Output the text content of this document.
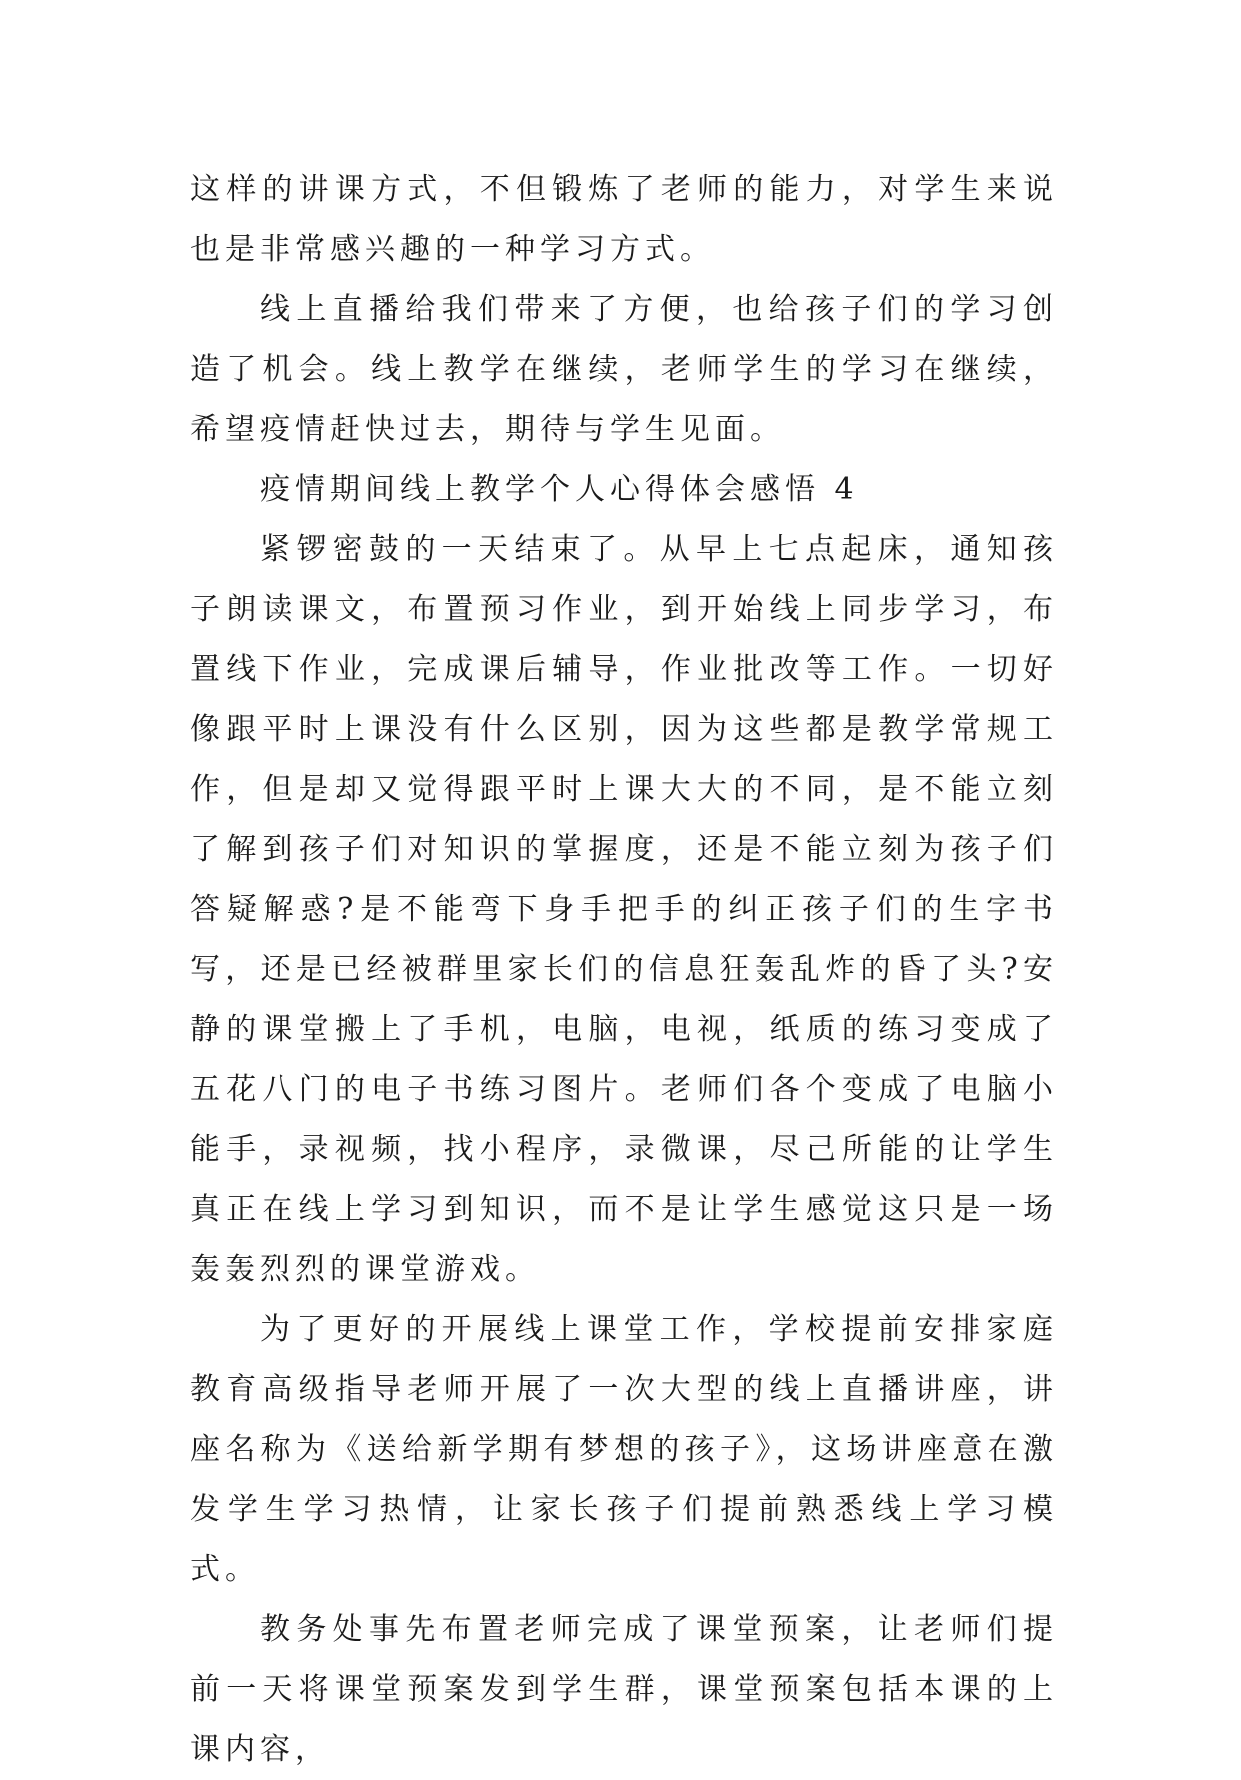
这样的讲课方式，不但锻炼了老师的能力，对学生来说也是非常感兴趣的一种学习方式。

线上直播给我们带来了方便，也给孩子们的学习创造了机会。线上教学在继续，老师学生的学习在继续，希望疫情赶快过去，期待与学生见面。

疫情期间线上教学个人心得体会感悟 4

紧锣密鼓的一天结束了。从早上七点起床，通知孩子朗读课文，布置预习作业，到开始线上同步学习，布置线下作业，完成课后辅导，作业批改等工作。一切好像跟平时上课没有什么区别，因为这些都是教学常规工作，但是却又觉得跟平时上课大大的不同，是不能立刻了解到孩子们对知识的掌握度，还是不能立刻为孩子们答疑解惑?是不能弯下身手把手的纠正孩子们的生字书写，还是已经被群里家长们的信息狂轰乱炸的昏了头?安静的课堂搬上了手机，电脑，电视，纸质的练习变成了五花八门的电子书练习图片。老师们各个变成了电脑小能手，录视频，找小程序，录微课，尽己所能的让学生真正在线上学习到知识，而不是让学生感觉这只是一场轰轰烈烈的课堂游戏。

为了更好的开展线上课堂工作，学校提前安排家庭教育高级指导老师开展了一次大型的线上直播讲座，讲座名称为《送给新学期有梦想的孩子》，这场讲座意在激发学生学习热情，让家长孩子们提前熟悉线上学习模式。

教务处事先布置老师完成了课堂预案，让老师们提前一天将课堂预案发到学生群，课堂预案包括本课的上课内容，
